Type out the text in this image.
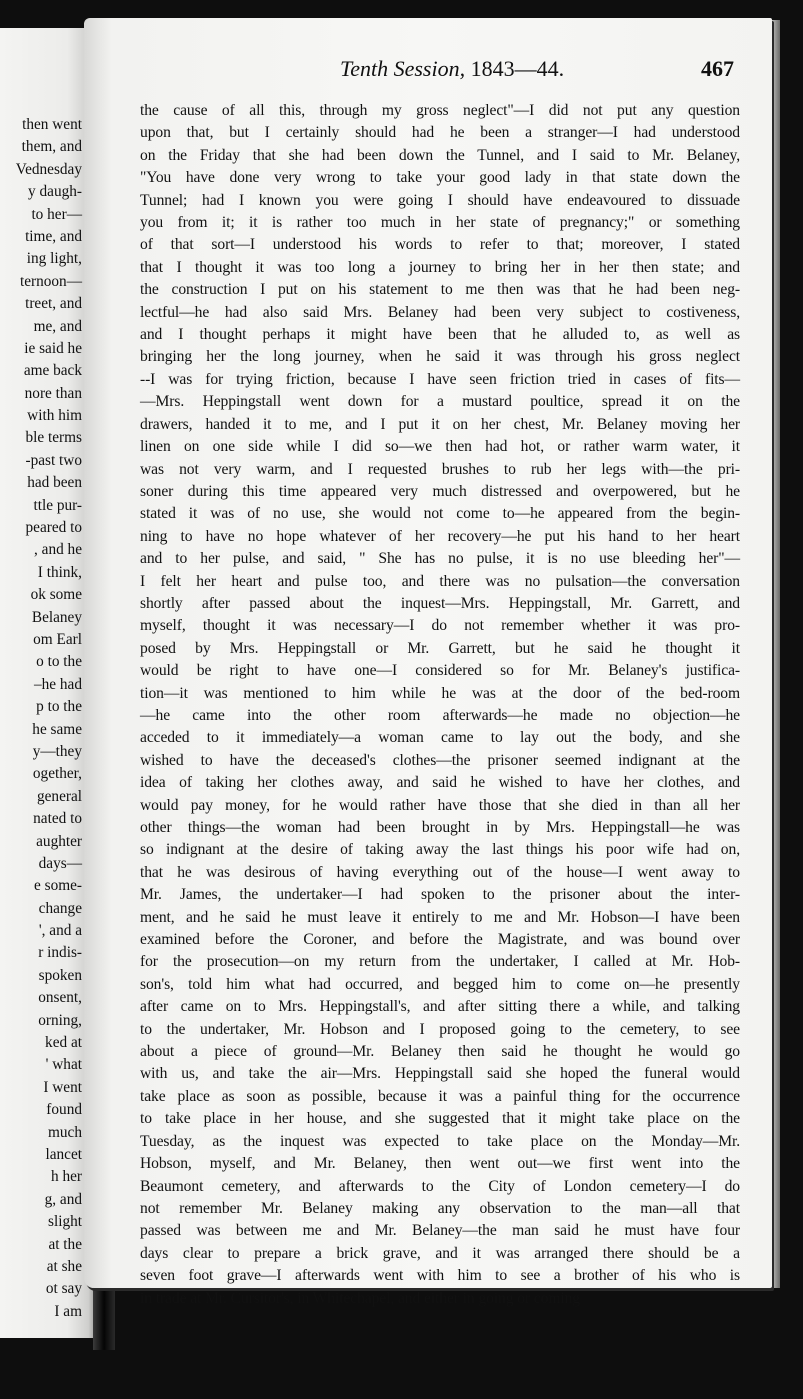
then went
them, and
Vednesday
y daugh-
to her—
time, and
ing light,
ternoon—
treet, and
me, and
ie said he
ame back
nore than
with him
ble terms
-past two
had been
ttle pur-
peared to
, and he
I think,
ok some
Belaney
om Earl
o to the
–he had
p to the
he same
y—they
ogether,
general
nated to
aughter
days—
e some-
change
', and a
r indis-
spoken
onsent,
orning,
ked at
' what
I went
found
much
lancet
h her
g, and
slight
at the
at she
ot say
I am
Tenth Session, 1843—44.	467
the cause of all this, through my gross neglect"—I did not put any question
upon that, but I certainly should had he been a stranger—I had understood
on the Friday that she had been down the Tunnel, and I said to Mr. Belaney,
"You have done very wrong to take your good lady in that state down the
Tunnel; had I known you were going I should have endeavoured to dissuade
you from it; it is rather too much in her state of pregnancy;" or something
of that sort—I understood his words to refer to that; moreover, I stated
that I thought it was too long a journey to bring her in her then state; and
the construction I put on his statement to me then was that he had been neg-
lectful—he had also said Mrs. Belaney had been very subject to costiveness,
and I thought perhaps it might have been that he alluded to, as well as
bringing her the long journey, when he said it was through his gross neglect
--I was for trying friction, because I have seen friction tried in cases of fits—
—Mrs. Heppingstall went down for a mustard poultice, spread it on the
drawers, handed it to me, and I put it on her chest, Mr. Belaney moving her
linen on one side while I did so—we then had hot, or rather warm water, it
was not very warm, and I requested brushes to rub her legs with—the pri-
soner during this time appeared very much distressed and overpowered, but he
stated it was of no use, she would not come to—he appeared from the begin-
ning to have no hope whatever of her recovery—he put his hand to her heart
and to her pulse, and said, " She has no pulse, it is no use bleeding her"—
I felt her heart and pulse too, and there was no pulsation—the conversation
shortly after passed about the inquest—Mrs. Heppingstall, Mr. Garrett, and
myself, thought it was necessary—I do not remember whether it was pro-
posed by Mrs. Heppingstall or Mr. Garrett, but he said he thought it
would be right to have one—I considered so for Mr. Belaney's justifica-
tion—it was mentioned to him while he was at the door of the bed-room
—he came into the other room afterwards—he made no objection—he
acceded to it immediately—a woman came to lay out the body, and she
wished to have the deceased's clothes—the prisoner seemed indignant at the
idea of taking her clothes away, and said he wished to have her clothes, and
would pay money, for he would rather have those that she died in than all her
other things—the woman had been brought in by Mrs. Heppingstall—he was
so indignant at the desire of taking away the last things his poor wife had on,
that he was desirous of having everything out of the house—I went away to
Mr. James, the undertaker—I had spoken to the prisoner about the inter-
ment, and he said he must leave it entirely to me and Mr. Hobson—I have been
examined before the Coroner, and before the Magistrate, and was bound over
for the prosecution—on my return from the undertaker, I called at Mr. Hob-
son's, told him what had occurred, and begged him to come on—he presently
after came on to Mrs. Heppingstall's, and after sitting there a while, and talking
to the undertaker, Mr. Hobson and I proposed going to the cemetery, to see
about a piece of ground—Mr. Belaney then said he thought he would go
with us, and take the air—Mrs. Heppingstall said she hoped the funeral would
take place as soon as possible, because it was a painful thing for the occurrence
to take place in her house, and she suggested that it might take place on the
Tuesday, as the inquest was expected to take place on the Monday—Mr.
Hobson, myself, and Mr. Belaney, then went out—we first went into the
Beaumont cemetery, and afterwards to the City of London cemetery—I do
not remember Mr. Belaney making any observation to the man—all that
passed was between me and Mr. Belaney—the man said he must have four
days clear to prepare a brick grave, and it was arranged there should be a
seven foot grave—I afterwards went with him to see a brother of his who is
in trade at Mr. Cursitor's, in Whitechapel, and either in going or coming
